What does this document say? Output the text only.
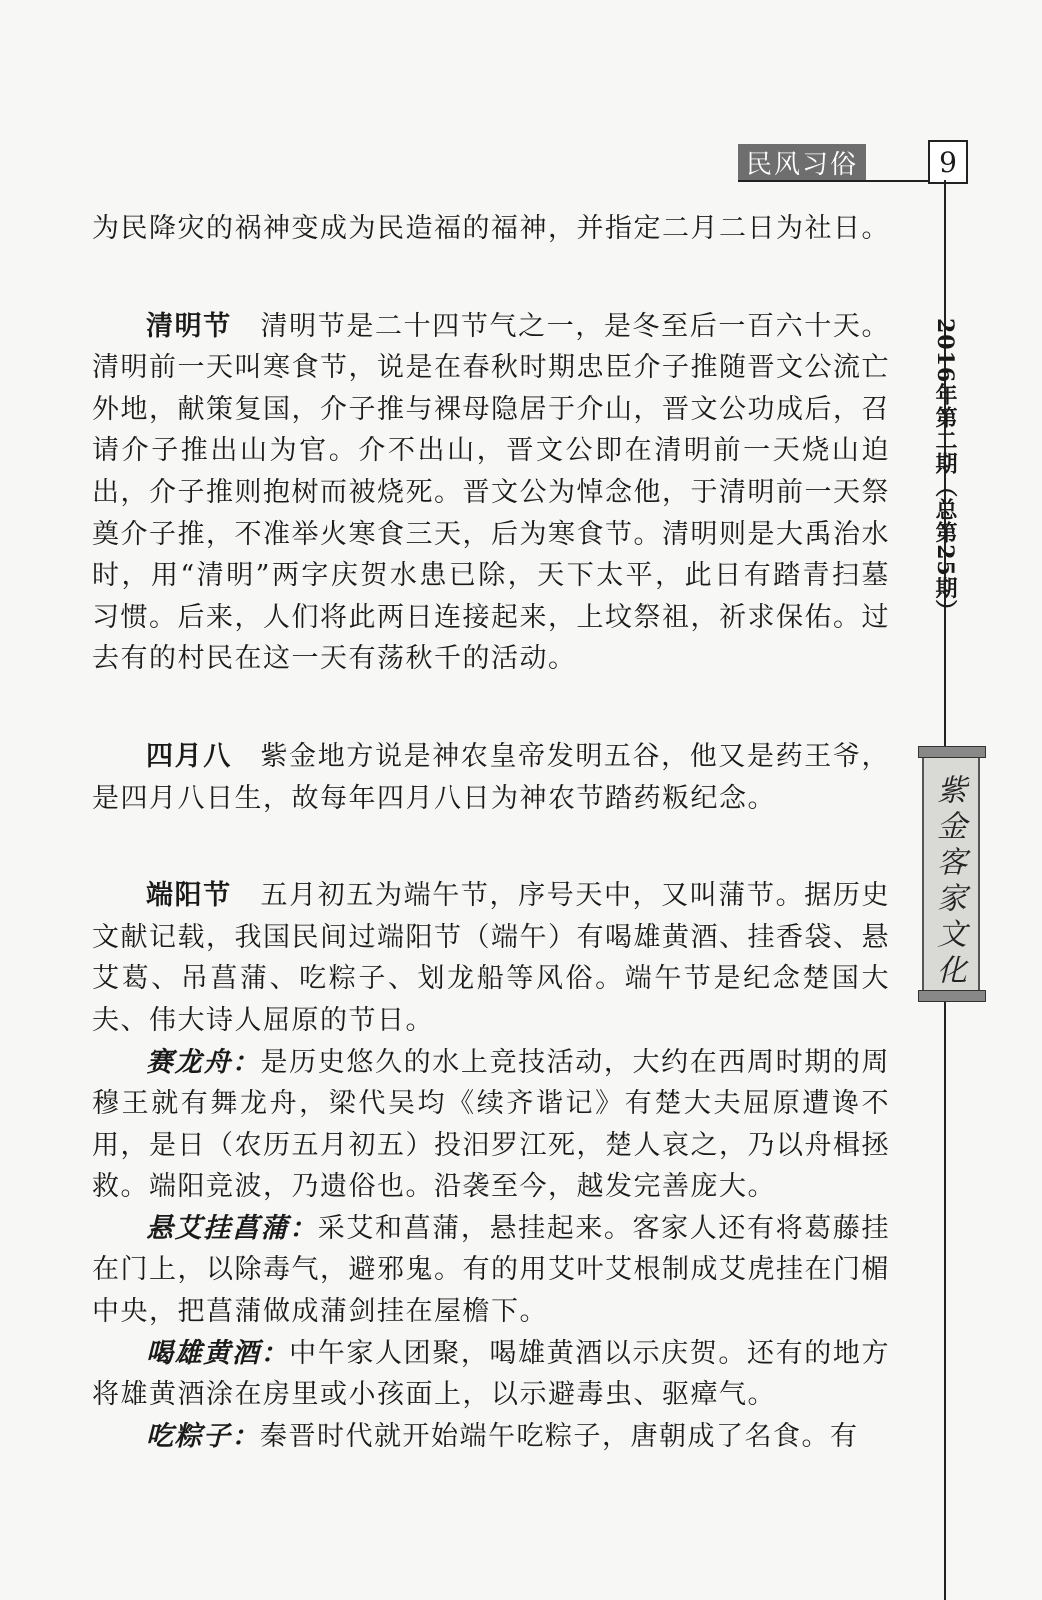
民风习俗	9
2016年第二期（总第25期）
紫金客家文化

为民降灾的祸神变成为民造福的福神，并指定二月二日为社日。

清明节　 清明节是二十四节气之一，是冬至后一百六十天。清明前一天叫寒食节，说是在春秋时期忠臣介子推随晋文公流亡外地，献策复国，介子推与裸母隐居于介山，晋文公功成后，召请介子推出山为官。介不出山，晋文公即在清明前一天烧山迫出，介子推则抱树而被烧死。晋文公为悼念他，于清明前一天祭奠介子推，不准举火寒食三天，后为寒食节。清明则是大禹治水时，用“清明”两字庆贺水患已除，天下太平，此日有踏青扫墓习惯。后来，人们将此两日连接起来，上坟祭祖，祈求保佑。过去有的村民在这一天有荡秋千的活动。

四月八　 紫金地方说是神农皇帝发明五谷，他又是药王爷，是四月八日生，故每年四月八日为神农节踏药粄纪念。

端阳节　 五月初五为端午节，序号天中，又叫蒲节。据历史文献记载，我国民间过端阳节（端午）有喝雄黄酒、挂香袋、悬艾葛、吊菖蒲、吃粽子、划龙船等风俗。端午节是纪念楚国大夫、伟大诗人屈原的节日。

赛龙舟：是历史悠久的水上竞技活动，大约在西周时期的周穆王就有舞龙舟，梁代吴均《续齐谐记》有楚大夫屈原遭谗不用，是日（农历五月初五）投汨罗江死，楚人哀之，乃以舟楫拯救。端阳竞波，乃遗俗也。沿袭至今，越发完善庞大。

悬艾挂菖蒲：采艾和菖蒲，悬挂起来。客家人还有将葛藤挂在门上，以除毒气，避邪鬼。有的用艾叶艾根制成艾虎挂在门楣中央，把菖蒲做成蒲剑挂在屋檐下。

喝雄黄酒：中午家人团聚，喝雄黄酒以示庆贺。还有的地方将雄黄酒涂在房里或小孩面上，以示避毒虫、驱瘴气。

吃粽子：秦晋时代就开始端午吃粽子，唐朝成了名食。有
